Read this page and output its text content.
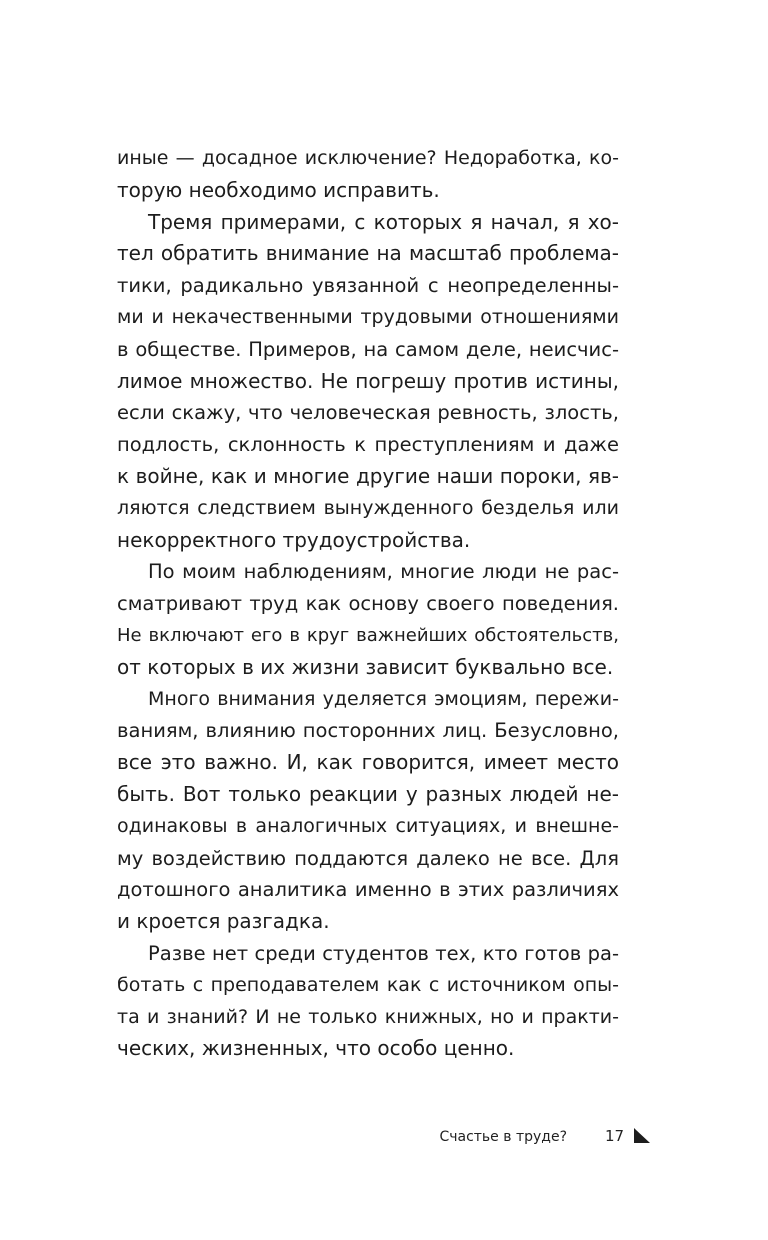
иные — досадное исключение? Недоработка, ко-
торую необходимо исправить.
Тремя примерами, с которых я начал, я хо-
тел обратить внимание на масштаб проблема-
тики, радикально увязанной с неопределенны-
ми и некачественными трудовыми отношениями
в обществе. Примеров, на самом деле, неисчис-
лимое множество. Не погрешу против истины,
если скажу, что человеческая ревность, злость,
подлость, склонность к преступлениям и даже
к войне, как и многие другие наши пороки, яв-
ляются следствием вынужденного безделья или
некорректного трудоустройства.
По моим наблюдениям, многие люди не рас-
сматривают труд как основу своего поведения.
Не включают его в круг важнейших обстоятельств,
от которых в их жизни зависит буквально все.
Много внимания уделяется эмоциям, пережи-
ваниям, влиянию посторонних лиц. Безусловно,
все это важно. И, как говорится, имеет место
быть. Вот только реакции у разных людей не-
одинаковы в аналогичных ситуациях, и внешне-
му воздействию поддаются далеко не все. Для
дотошного аналитика именно в этих различиях
и кроется разгадка.
Разве нет среди студентов тех, кто готов ра-
ботать с преподавателем как с источником опы-
та и знаний? И не только книжных, но и практи-
ческих, жизненных, что особо ценно.
Счастье в труде?	17
